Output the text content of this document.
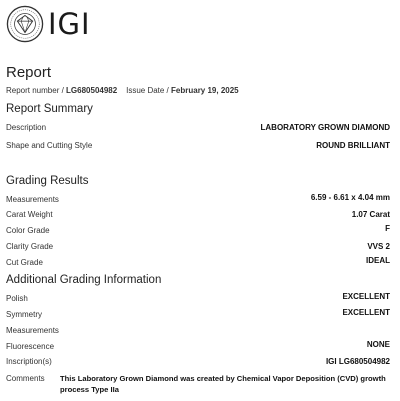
IGI
Report
Report number / LG680504982 Issue Date / February 19, 2025
Report Summary
Description	LABORATORY GROWN DIAMOND
Shape and Cutting Style	ROUND BRILLIANT
Grading Results
Measurements	6.59 - 6.61 x 4.04 mm
Carat Weight	1.07 Carat
Color Grade	F
Clarity Grade	VVS 2
Cut Grade	IDEAL
Additional Grading Information
Polish	EXCELLENT
Symmetry	EXCELLENT
Measurements
Fluorescence	NONE
Inscription(s)	IGI LG680504982
Comments This Laboratory Grown Diamond was created by Chemical Vapor Deposition (CVD) growth process Type IIa
